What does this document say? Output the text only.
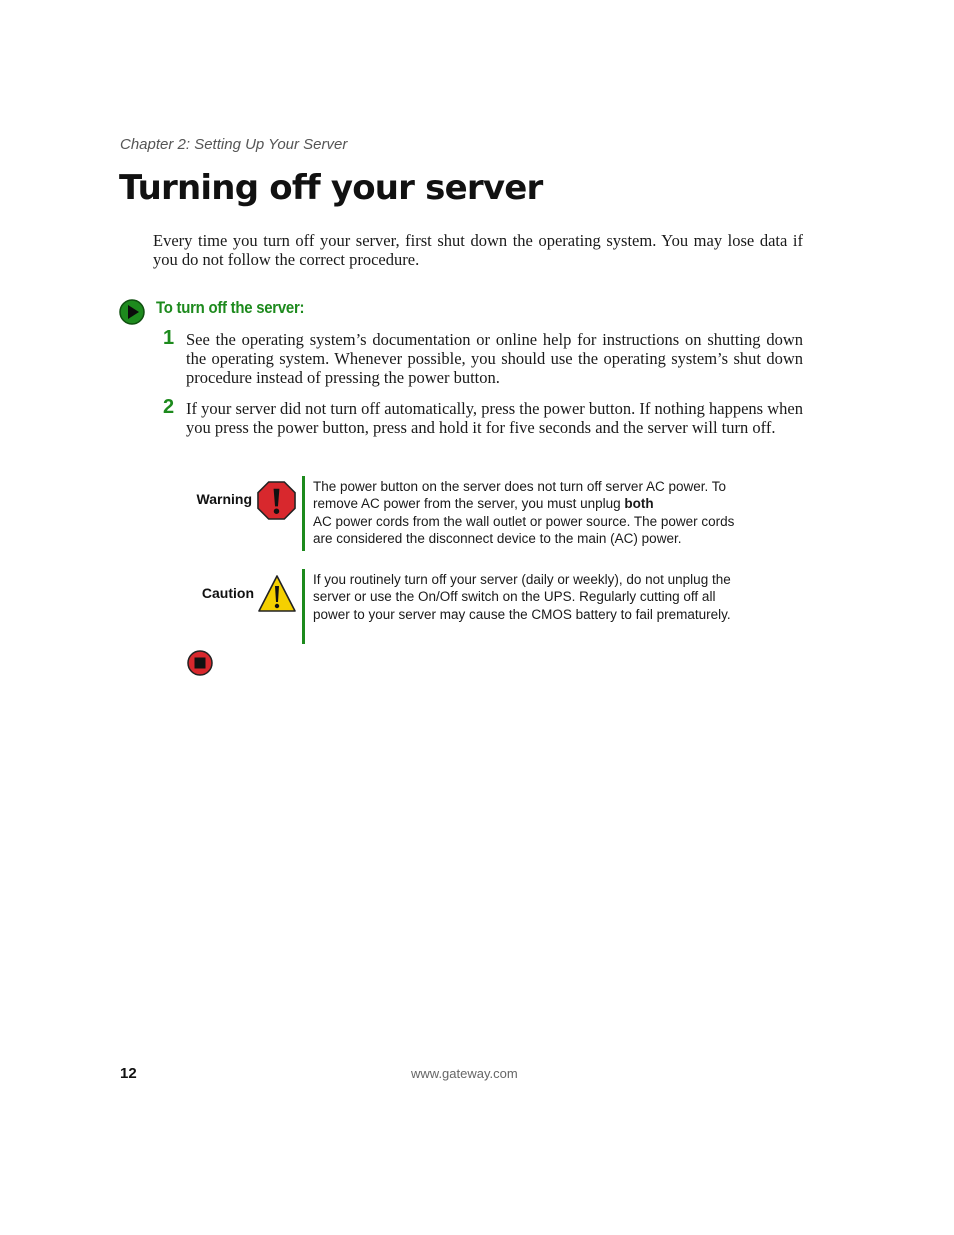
Chapter 2: Setting Up Your Server
Turning off your server

Every time you turn off your server, first shut down the operating system. You may lose data if you do not follow the correct procedure.

To turn off the server:
1 See the operating system’s documentation or online help for instructions on shutting down the operating system. Whenever possible, you should use the operating system’s shut down procedure instead of pressing the power button.

2 If your server did not turn off automatically, press the power button. If nothing happens when you press the power button, press and hold it for five seconds and the server will turn off.

Warning

The power button on the server does not turn off server AC power. To remove AC power from the server, you must unplug both
AC power cords from the wall outlet or power source. The power cords are considered the disconnect device to the main (AC) power.

Caution

If you routinely turn off your server (daily or weekly), do not unplug the server or use the On/Off switch on the UPS. Regularly cutting off all power to your server may cause the CMOS battery to fail prematurely.

12	www.gateway.com
